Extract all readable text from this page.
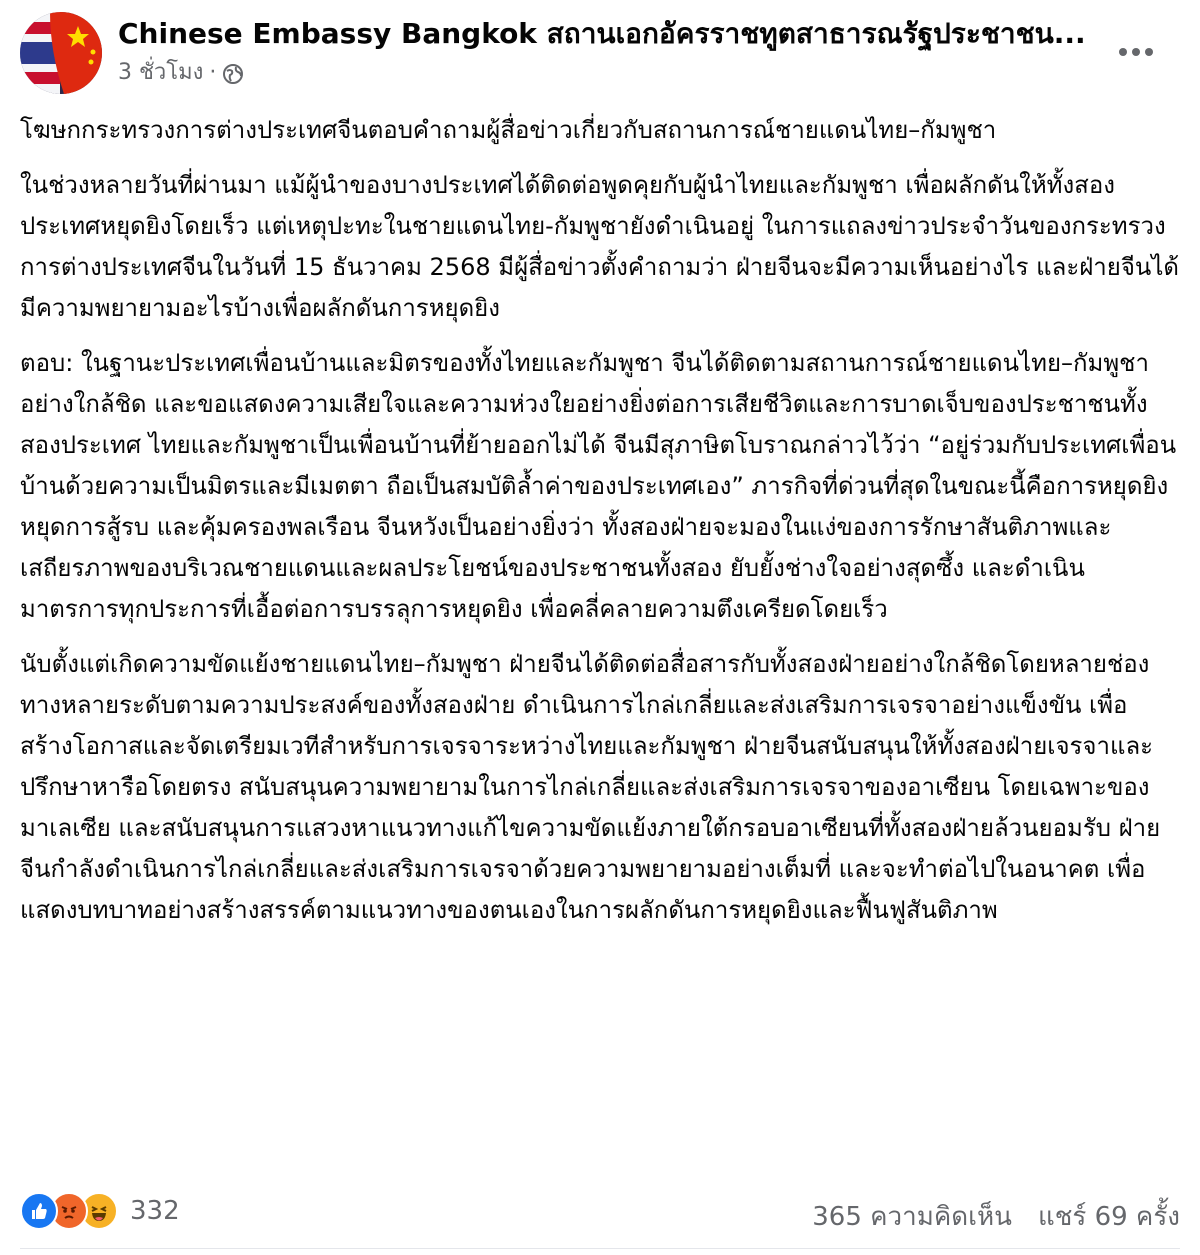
Chinese Embassy Bangkok สถานเอกอัครราชทูตสาธารณรัฐประชาชน...
3 ชั่วโมง ·

โฆษกกระทรวงการต่างประเทศจีนตอบคำถามผู้สื่อข่าวเกี่ยวกับสถานการณ์ชายแดนไทย–กัมพูชา

ในช่วงหลายวันที่ผ่านมา แม้ผู้นำของบางประเทศได้ติดต่อพูดคุยกับผู้นำไทยและกัมพูชา เพื่อผลักดันให้ทั้งสองประเทศหยุดยิงโดยเร็ว แต่เหตุปะทะในชายแดนไทย-กัมพูชายังดำเนินอยู่ ในการแถลงข่าวประจำวันของกระทรวงการต่างประเทศจีนในวันที่ 15 ธันวาคม 2568 มีผู้สื่อข่าวตั้งคำถามว่า ฝ่ายจีนจะมีความเห็นอย่างไร และฝ่ายจีนได้มีความพยายามอะไรบ้างเพื่อผลักดันการหยุดยิง

ตอบ: ในฐานะประเทศเพื่อนบ้านและมิตรของทั้งไทยและกัมพูชา จีนได้ติดตามสถานการณ์ชายแดนไทย–กัมพูชาอย่างใกล้ชิด และขอแสดงความเสียใจและความห่วงใยอย่างยิ่งต่อการเสียชีวิตและการบาดเจ็บของประชาชนทั้งสองประเทศ ไทยและกัมพูชาเป็นเพื่อนบ้านที่ย้ายออกไม่ได้ จีนมีสุภาษิตโบราณกล่าวไว้ว่า “อยู่ร่วมกับประเทศเพื่อนบ้านด้วยความเป็นมิตรและมีเมตตา ถือเป็นสมบัติล้ำค่าของประเทศเอง” ภารกิจที่ด่วนที่สุดในขณะนี้คือการหยุดยิง หยุดการสู้รบ และคุ้มครองพลเรือน จีนหวังเป็นอย่างยิ่งว่า ทั้งสองฝ่ายจะมองในแง่ของการรักษาสันติภาพและเสถียรภาพของบริเวณชายแดนและผลประโยชน์ของประชาชนทั้งสอง ยับยั้งช่างใจอย่างสุดซึ้ง และดำเนินมาตรการทุกประการที่เอื้อต่อการบรรลุการหยุดยิง เพื่อคลี่คลายความตึงเครียดโดยเร็ว

นับตั้งแต่เกิดความขัดแย้งชายแดนไทย–กัมพูชา ฝ่ายจีนได้ติดต่อสื่อสารกับทั้งสองฝ่ายอย่างใกล้ชิดโดยหลายช่องทางหลายระดับตามความประสงค์ของทั้งสองฝ่าย ดำเนินการไกล่เกลี่ยและส่งเสริมการเจรจาอย่างแข็งขัน เพื่อสร้างโอกาสและจัดเตรียมเวทีสำหรับการเจรจาระหว่างไทยและกัมพูชา ฝ่ายจีนสนับสนุนให้ทั้งสองฝ่ายเจรจาและปรึกษาหารือโดยตรง สนับสนุนความพยายามในการไกล่เกลี่ยและส่งเสริมการเจรจาของอาเซียน โดยเฉพาะของมาเลเซีย และสนับสนุนการแสวงหาแนวทางแก้ไขความขัดแย้งภายใต้กรอบอาเซียนที่ทั้งสองฝ่ายล้วนยอมรับ ฝ่ายจีนกำลังดำเนินการไกล่เกลี่ยและส่งเสริมการเจรจาด้วยความพยายามอย่างเต็มที่ และจะทำต่อไปในอนาคต เพื่อแสดงบทบาทอย่างสร้างสรรค์ตามแนวทางของตนเองในการผลักดันการหยุดยิงและฟื้นฟูสันติภาพ

332	365 ความคิดเห็น แชร์ 69 ครั้ง
